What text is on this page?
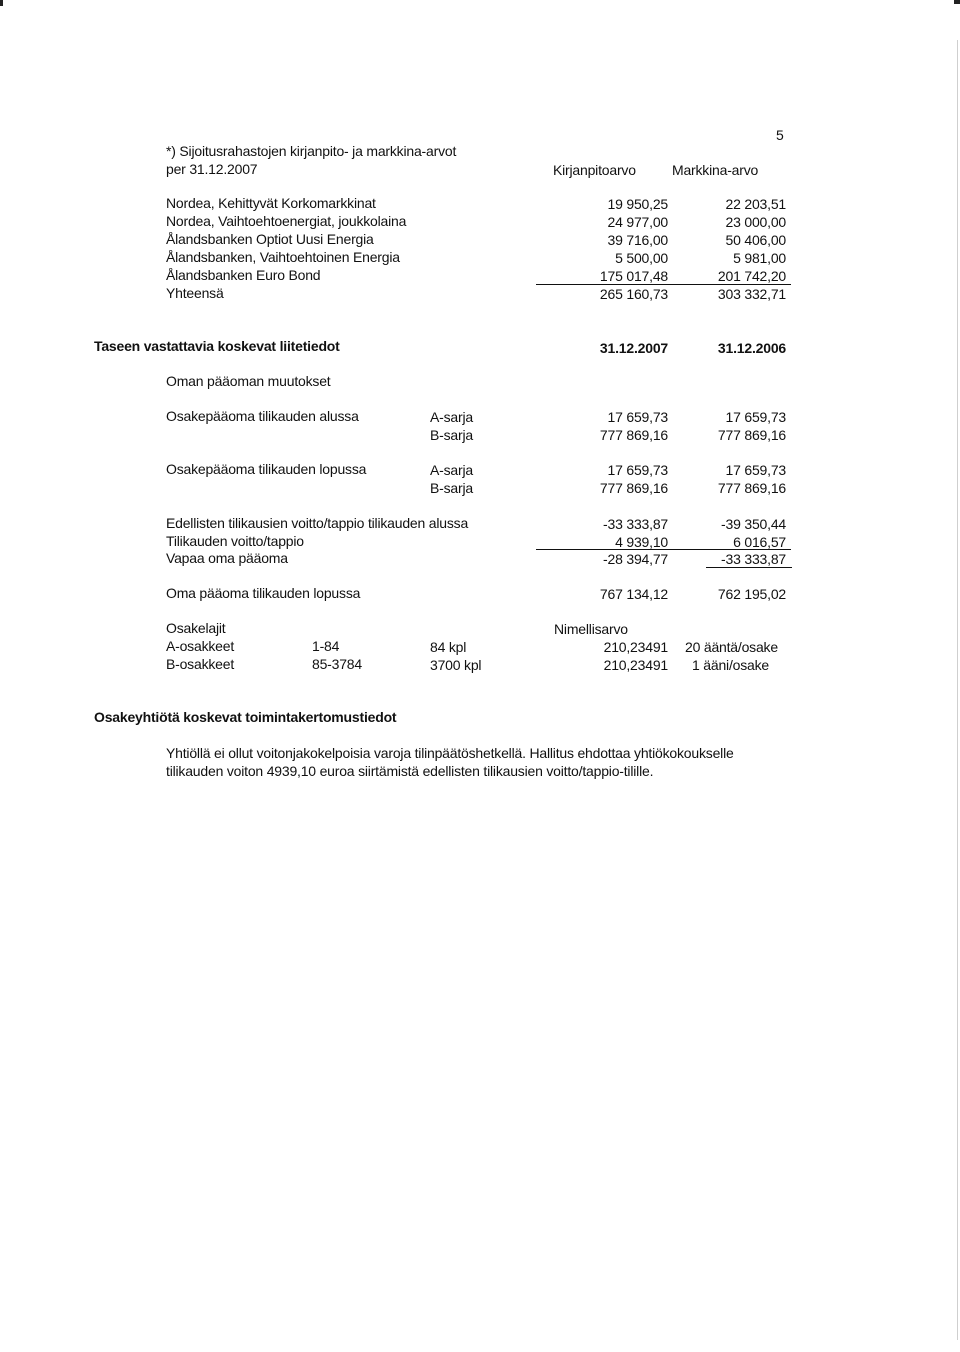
5
*) Sijoitusrahastojen kirjanpito- ja markkina-arvot
per 31.12.2007	Kirjanpitoarvo	Markkina-arvo
Nordea, Kehittyvät Korkomarkkinat	19 950,25	22 203,51
Nordea, Vaihtoehtoenergiat, joukkolaina	24 977,00	23 000,00
Ålandsbanken Optiot Uusi Energia	39 716,00	50 406,00
Ålandsbanken, Vaihtoehtoinen Energia	5 500,00	5 981,00
Ålandsbanken Euro Bond	175 017,48	201 742,20
Yhteensä	265 160,73	303 332,71
Taseen vastattavia koskevat liitetiedot	31.12.2007	31.12.2006
Oman pääoman muutokset
Osakepääoma tilikauden alussa	A-sarja	17 659,73	17 659,73
B-sarja	777 869,16	777 869,16
Osakepääoma tilikauden lopussa	A-sarja	17 659,73	17 659,73
B-sarja	777 869,16	777 869,16
Edellisten tilikausien voitto/tappio tilikauden alussa	-33 333,87	-39 350,44
Tilikauden voitto/tappio	4 939,10	6 016,57
Vapaa oma pääoma	-28 394,77	-33 333,87
Oma pääoma tilikauden lopussa	767 134,12	762 195,02
Osakelajit	Nimellisarvo
A-osakkeet	1-84	84 kpl	210,23491 20 ääntä/osake
B-osakkeet	85-3784	3700 kpl	210,23491 1 ääni/osake
Osakeyhtiötä koskevat toimintakertomustiedot
Yhtiöllä ei ollut voitonjakokelpoisia varoja tilinpäätöshetkellä. Hallitus ehdottaa yhtiökokoukselle
tilikauden voiton 4939,10 euroa siirtämistä edellisten tilikausien voitto/tappio-tilille.
